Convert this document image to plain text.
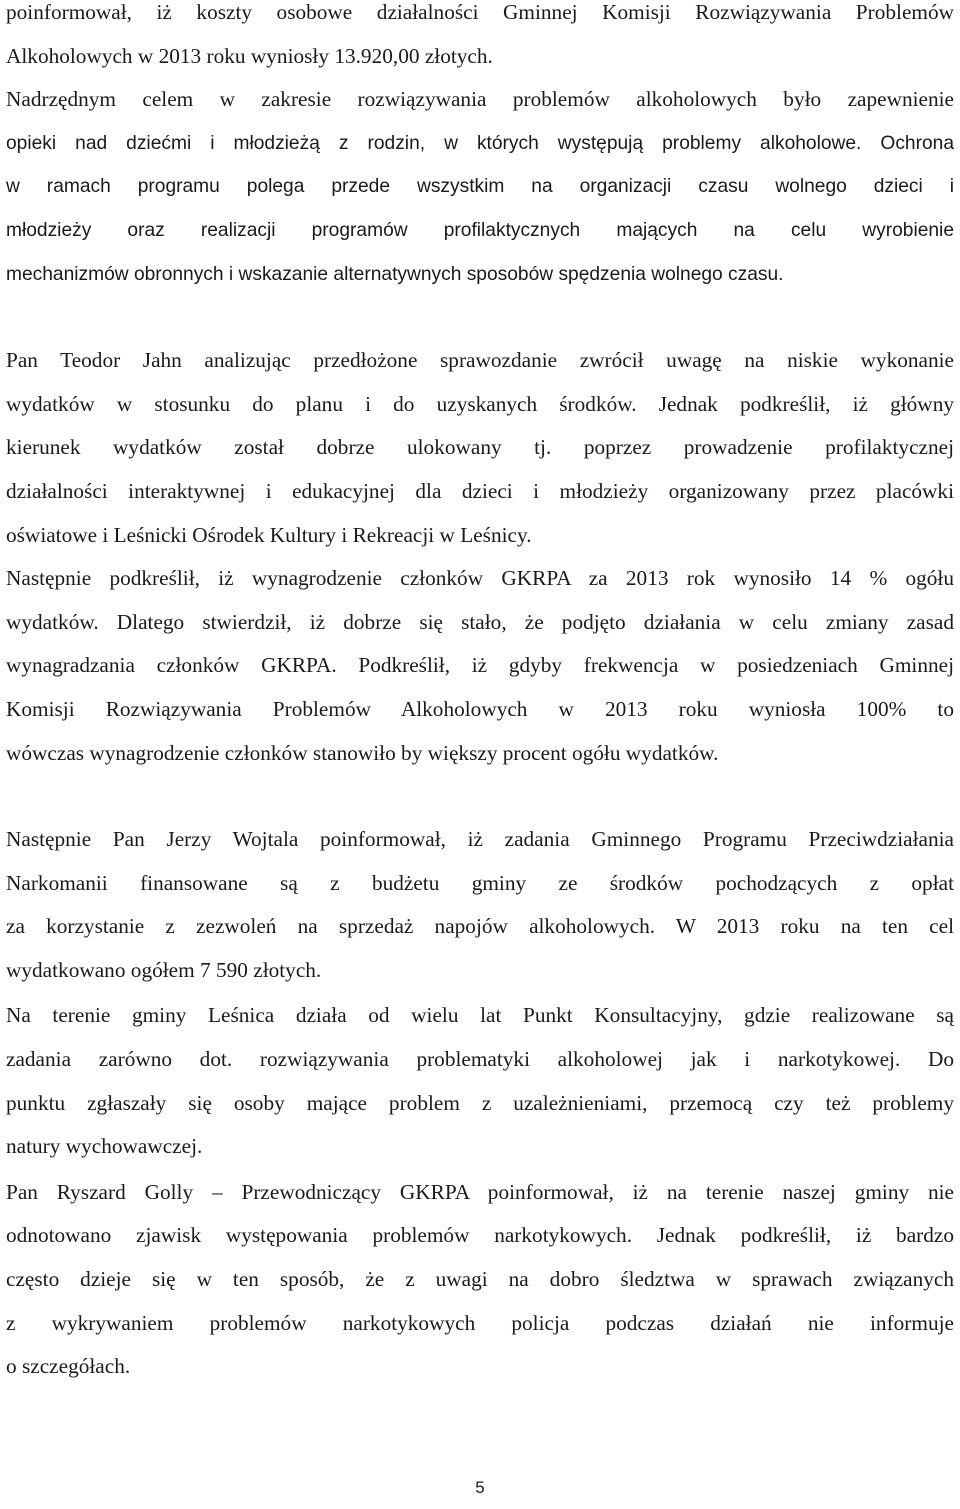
poinformował, iż koszty osobowe działalności Gminnej Komisji Rozwiązywania Problemów
Alkoholowych w 2013 roku wyniosły 13.920,00 złotych.

Nadrzędnym celem w zakresie rozwiązywania problemów alkoholowych było zapewnienie
opieki nad dziećmi i młodzieżą z rodzin, w których występują problemy alkoholowe. Ochrona
w ramach programu polega przede wszystkim na organizacji czasu wolnego dzieci i
młodzieży oraz realizacji programów profilaktycznych mających na celu wyrobienie
mechanizmów obronnych i wskazanie alternatywnych sposobów spędzenia wolnego czasu.

Pan Teodor Jahn analizując przedłożone sprawozdanie zwrócił uwagę na niskie wykonanie
wydatków w stosunku do planu i do uzyskanych środków. Jednak podkreślił, iż główny
kierunek wydatków został dobrze ulokowany tj. poprzez prowadzenie profilaktycznej
działalności interaktywnej i edukacyjnej dla dzieci i młodzieży organizowany przez placówki
oświatowe i Leśnicki Ośrodek Kultury i Rekreacji w Leśnicy.
Następnie podkreślił, iż wynagrodzenie członków GKRPA za 2013 rok wynosiło 14 % ogółu
wydatków. Dlatego stwierdził, iż dobrze się stało, że podjęto działania w celu zmiany zasad
wynagradzania członków GKRPA. Podkreślił, iż gdyby frekwencja w posiedzeniach Gminnej
Komisji Rozwiązywania Problemów Alkoholowych w 2013 roku wyniosła 100% to
wówczas wynagrodzenie członków stanowiło by większy procent ogółu wydatków.

Następnie Pan Jerzy Wojtala poinformował, iż zadania Gminnego Programu Przeciwdziałania
Narkomanii finansowane są z budżetu gminy ze środków pochodzących z opłat
za korzystanie z zezwoleń na sprzedaż napojów alkoholowych. W 2013 roku na ten cel
wydatkowano ogółem 7 590 złotych.

Na terenie gminy Leśnica działa od wielu lat Punkt Konsultacyjny, gdzie realizowane są
zadania zarówno dot. rozwiązywania problematyki alkoholowej jak i narkotykowej. Do
punktu zgłaszały się osoby mające problem z uzależnieniami, przemocą czy też problemy
natury wychowawczej.

Pan Ryszard Golly – Przewodniczący GKRPA poinformował, iż na terenie naszej gminy nie
odnotowano zjawisk występowania problemów narkotykowych. Jednak podkreślił, iż bardzo
często dzieje się w ten sposób, że z uwagi na dobro śledztwa w sprawach związanych
z wykrywaniem problemów narkotykowych policja podczas działań nie informuje
o szczegółach.

5
